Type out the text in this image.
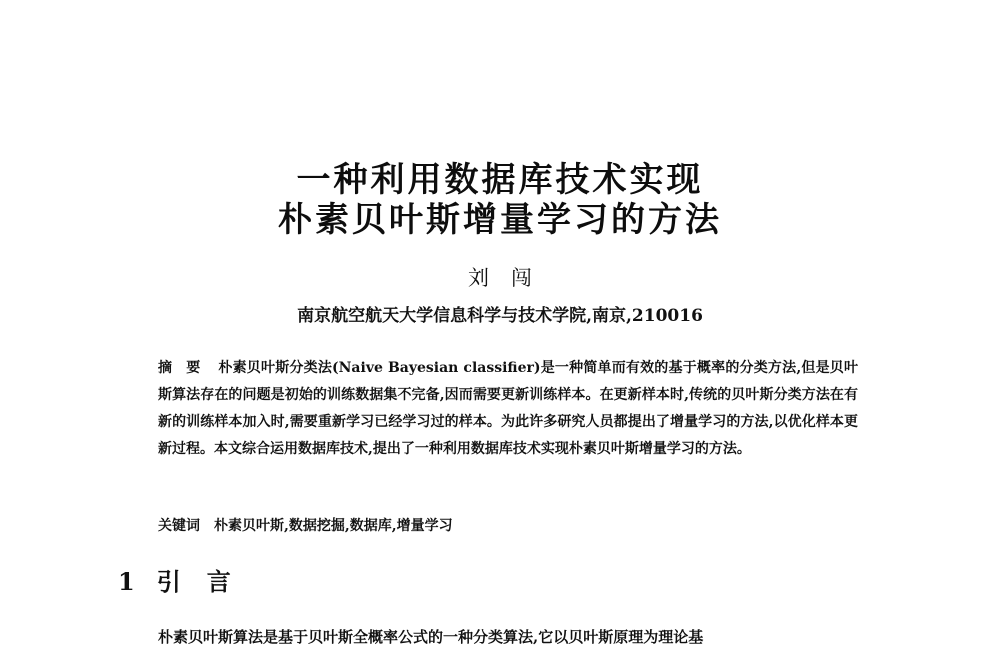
一种利用数据库技术实现
朴素贝叶斯增量学习的方法
刘闯
南京航空航天大学信息科学与技术学院,南京,210016
摘要 朴素贝叶斯分类法(Naive Bayesian classifier)是一种简单而有效的基于概率的分类方法,但是贝叶斯算法存在的问题是初始的训练数据集不完备,因而需要更新训练样本。在更新样本时,传统的贝叶斯分类方法在有新的训练样本加入时,需要重新学习已经学习过的样本。为此许多研究人员都提出了增量学习的方法,以优化样本更新过程。本文综合运用数据库技术,提出了一种利用数据库技术实现朴素贝叶斯增量学习的方法。
关键词 朴素贝叶斯,数据挖掘,数据库,增量学习
1 引言
朴素贝叶斯算法是基于贝叶斯全概率公式的一种分类算法,它以贝叶斯原理为理论基
